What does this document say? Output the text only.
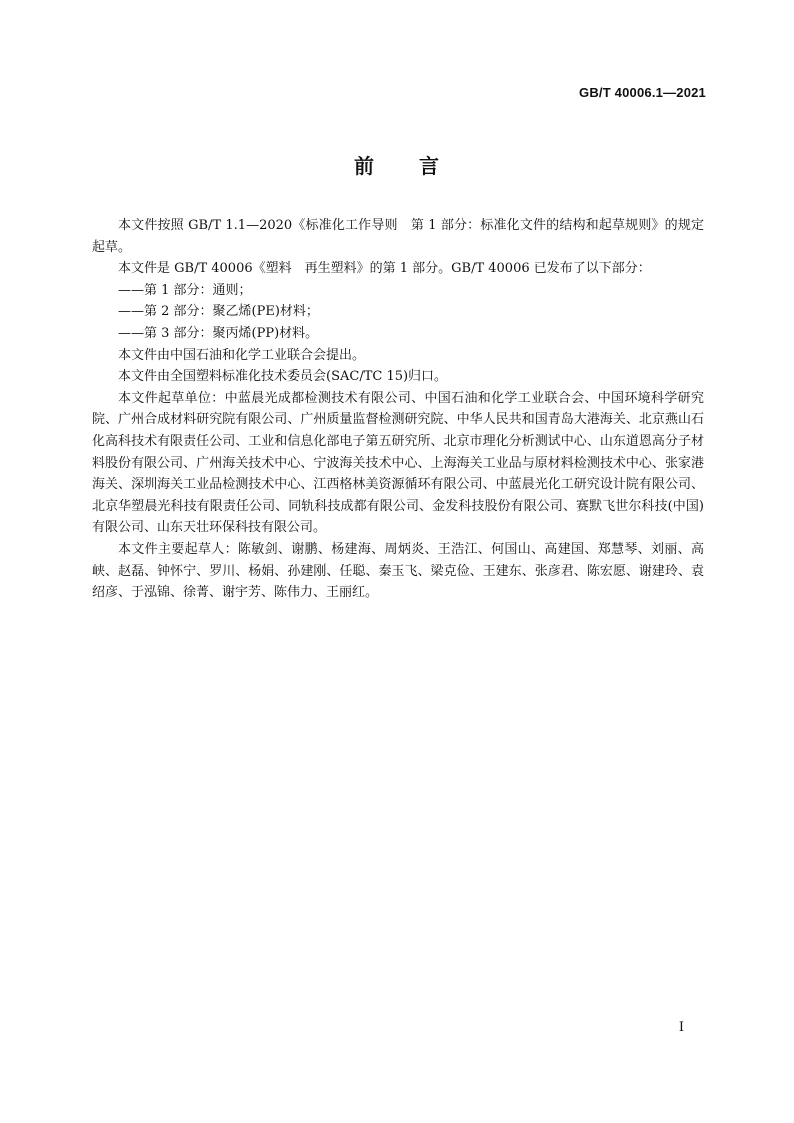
GB/T 40006.1—2021
前 言

本文件按照 GB/T 1.1—2020《标准化工作导则　第 1 部分：标准化文件的结构和起草规则》的规定起草。

本文件是 GB/T 40006《塑料　再生塑料》的第 1 部分。GB/T 40006 已发布了以下部分：

——第 1 部分：通则；

——第 2 部分：聚乙烯(PE)材料；

——第 3 部分：聚丙烯(PP)材料。

本文件由中国石油和化学工业联合会提出。

本文件由全国塑料标准化技术委员会(SAC/TC 15)归口。

本文件起草单位：中蓝晨光成都检测技术有限公司、中国石油和化学工业联合会、中国环境科学研究院、广州合成材料研究院有限公司、广州质量监督检测研究院、中华人民共和国青岛大港海关、北京燕山石化高科技术有限责任公司、工业和信息化部电子第五研究所、北京市理化分析测试中心、山东道恩高分子材料股份有限公司、广州海关技术中心、宁波海关技术中心、上海海关工业品与原材料检测技术中心、张家港海关、深圳海关工业品检测技术中心、江西格林美资源循环有限公司、中蓝晨光化工研究设计院有限公司、北京华塑晨光科技有限责任公司、同轨科技成都有限公司、金发科技股份有限公司、赛默飞世尔科技(中国)有限公司、山东天壮环保科技有限公司。

本文件主要起草人：陈敏剑、谢鹏、杨建海、周炳炎、王浩江、何国山、高建国、郑慧琴、刘丽、高峡、赵磊、钟怀宁、罗川、杨娟、孙建刚、任聪、秦玉飞、梁克俭、王建东、张彦君、陈宏愿、谢建玲、袁绍彦、于泓锦、徐菁、谢宇芳、陈伟力、王丽红。

I
